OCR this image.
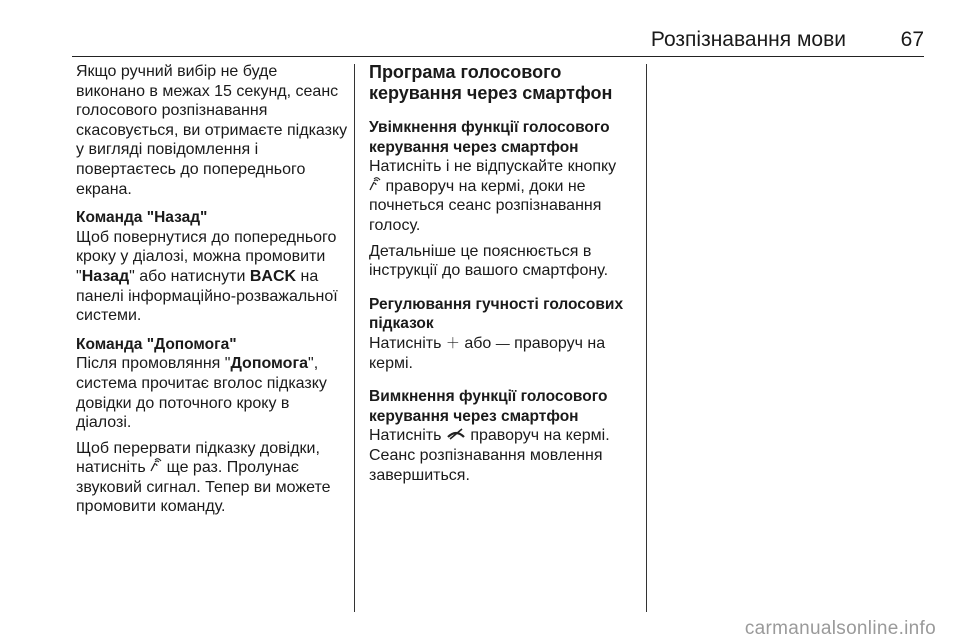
Розпізнавання мови	67

Якщо ручний вибір не буде виконано в межах 15 секунд, сеанс голосового розпізнавання скасовується, ви отримаєте підказку у вигляді повідомлення і повертаєтесь до попереднього екрана.

Команда "Назад"

Щоб повернутися до попереднього кроку у діалозі, можна промовити "Назад" або натиснути BACK на панелі інформаційно-розважальної системи.

Команда "Допомога"

Після промовляння "Допомога", система прочитає вголос підказку довідки до поточного кроку в діалозі.

Щоб перервати підказку довідки, натисніть  ще раз. Пролунає звуковий сигнал. Тепер ви можете промовити команду.

Програма голосового керування через смартфон

Увімкнення функції голосового керування через смартфон

Натисніть і не відпускайте кнопку  праворуч на кермі, доки не почнеться сеанс розпізнавання голосу.

Детальніше це пояснюється в інструкції до вашого смартфону.

Регулювання гучності голосових підказок

Натисніть ＋ або — праворуч на кермі.

Вимкнення функції голосового керування через смартфон

Натисніть  праворуч на кермі. Сеанс розпізнавання мовлення завершиться.

carmanualsonline.info
